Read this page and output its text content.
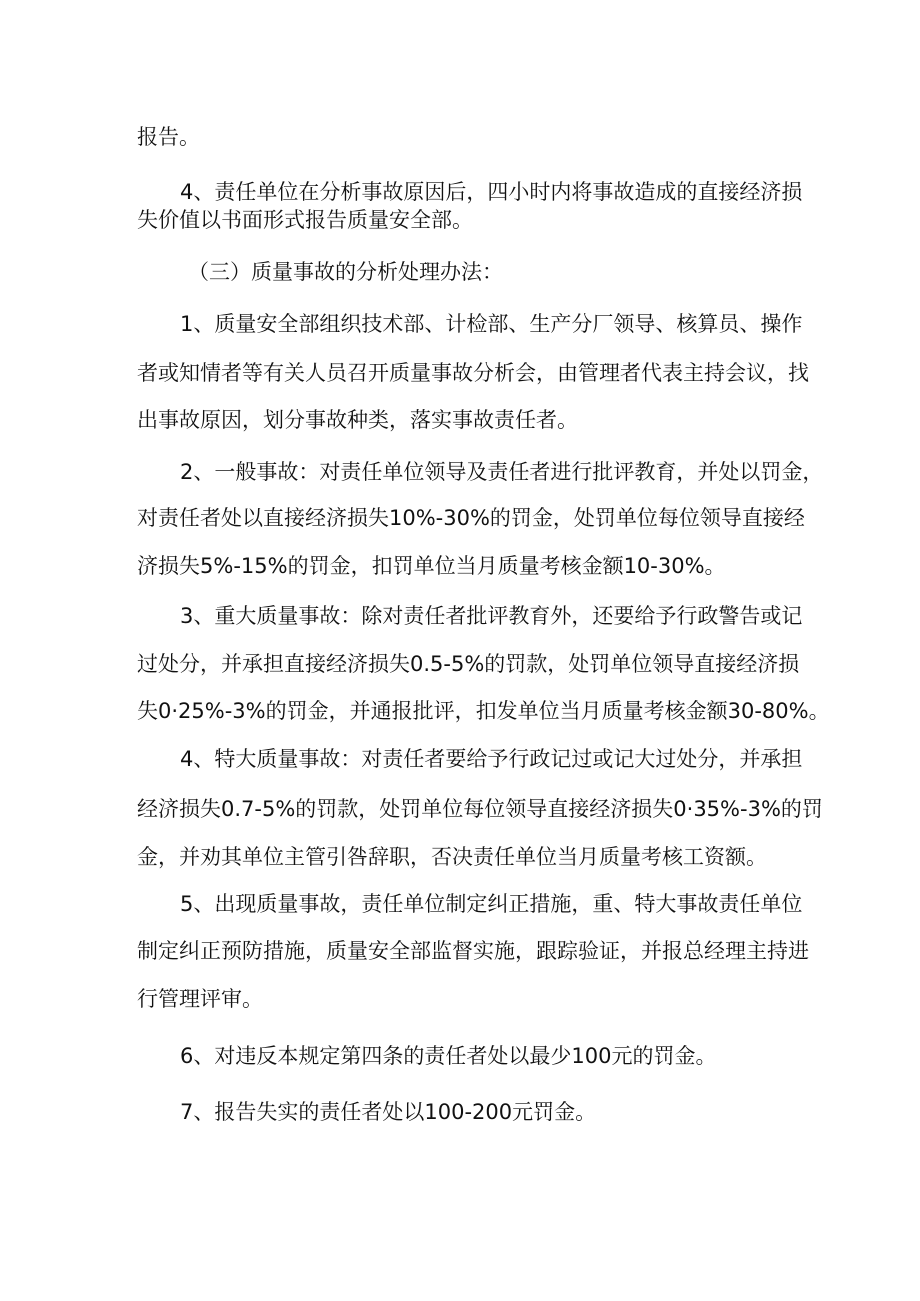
报告。
4、责任单位在分析事故原因后，四小时内将事故造成的直接经济损
失价值以书面形式报告质量安全部。
（三）质量事故的分析处理办法：
1、质量安全部组织技术部、计检部、生产分厂领导、核算员、操作
者或知情者等有关人员召开质量事故分析会，由管理者代表主持会议，找
出事故原因，划分事故种类，落实事故责任者。
2、一般事故：对责任单位领导及责任者进行批评教育，并处以罚金，
对责任者处以直接经济损失10%-30%的罚金，处罚单位每位领导直接经
济损失5%-15%的罚金，扣罚单位当月质量考核金额10-30%。
3、重大质量事故：除对责任者批评教育外，还要给予行政警告或记
过处分，并承担直接经济损失0.5-5%的罚款，处罚单位领导直接经济损
失0·25%-3%的罚金，并通报批评，扣发单位当月质量考核金额30-80%。
4、特大质量事故：对责任者要给予行政记过或记大过处分，并承担
经济损失0.7-5%的罚款，处罚单位每位领导直接经济损失0·35%-3%的罚
金，并劝其单位主管引咎辞职，否决责任单位当月质量考核工资额。
5、出现质量事故，责任单位制定纠正措施，重、特大事故责任单位
制定纠正预防措施，质量安全部监督实施，跟踪验证，并报总经理主持进
行管理评审。
6、对违反本规定第四条的责任者处以最少100元的罚金。
7、报告失实的责任者处以100-200元罚金。
